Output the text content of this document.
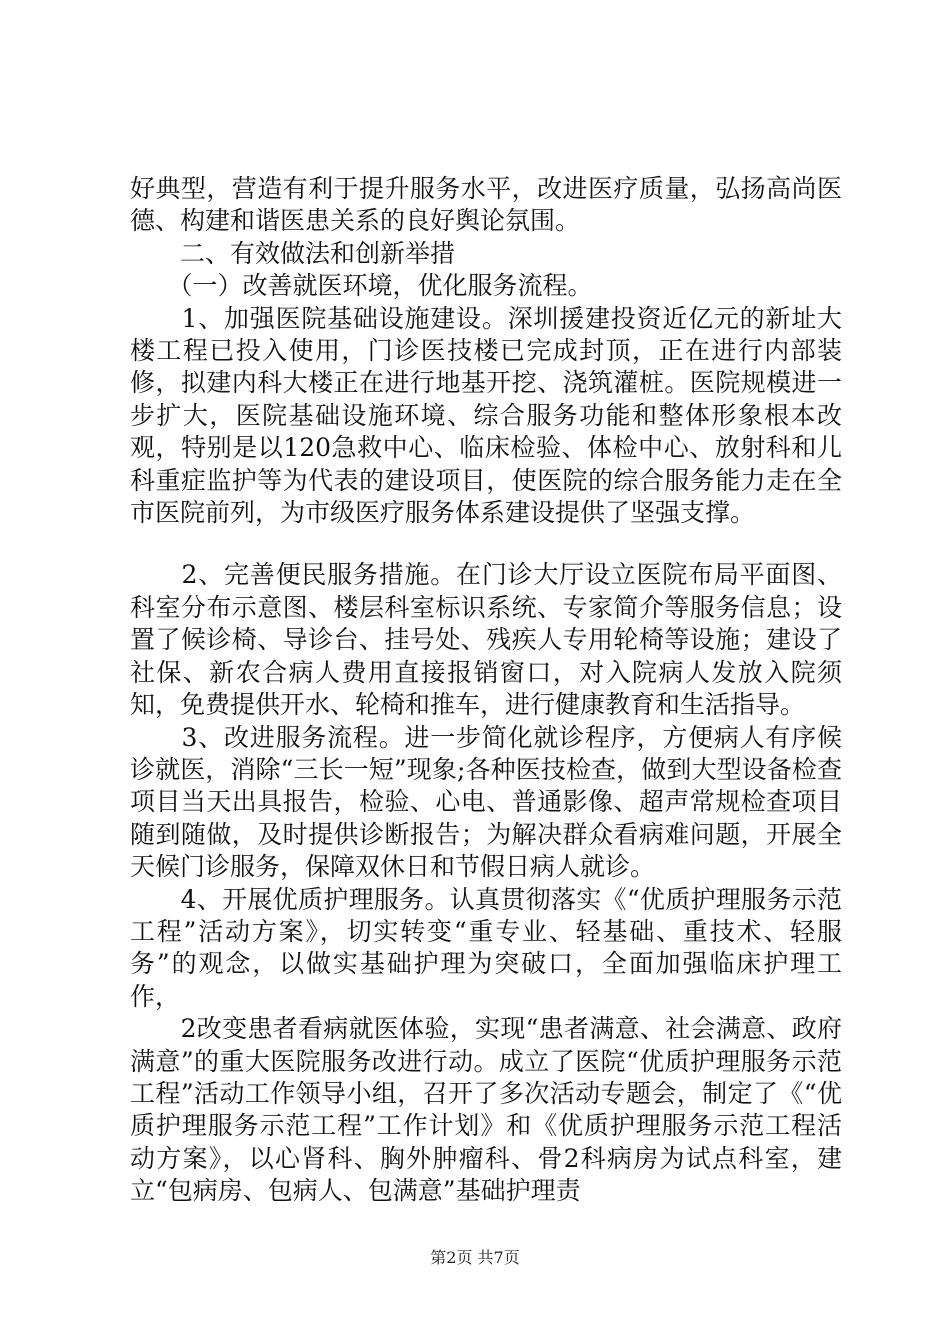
好典型，营造有利于提升服务水平，改进医疗质量，弘扬高尚医德、构建和谐医患关系的良好舆论氛围。

　　二、有效做法和创新举措

　　（一）改善就医环境，优化服务流程。

　　1、加强医院基础设施建设。深圳援建投资近亿元的新址大楼工程已投入使用，门诊医技楼已完成封顶，正在进行内部装修，拟建内科大楼正在进行地基开挖、浇筑灌桩。医院规模进一步扩大，医院基础设施环境、综合服务功能和整体形象根本改观，特别是以120急救中心、临床检验、体检中心、放射科和儿科重症监护等为代表的建设项目，使医院的综合服务能力走在全市医院前列，为市级医疗服务体系建设提供了坚强支撑。

　　2、完善便民服务措施。在门诊大厅设立医院布局平面图、科室分布示意图、楼层科室标识系统、专家简介等服务信息；设置了候诊椅、导诊台、挂号处、残疾人专用轮椅等设施；建设了社保、新农合病人费用直接报销窗口，对入院病人发放入院须知，免费提供开水、轮椅和推车，进行健康教育和生活指导。

　　3、改进服务流程。进一步简化就诊程序，方便病人有序候诊就医，消除“三长一短”现象;各种医技检查，做到大型设备检查项目当天出具报告，检验、心电、普通影像、超声常规检查项目随到随做，及时提供诊断报告；为解决群众看病难问题，开展全天候门诊服务，保障双休日和节假日病人就诊。

　　4、开展优质护理服务。认真贯彻落实《“优质护理服务示范工程”活动方案》，切实转变“重专业、轻基础、重技术、轻服务”的观念，以做实基础护理为突破口，全面加强临床护理工作，

　　2改变患者看病就医体验，实现“患者满意、社会满意、政府满意”的重大医院服务改进行动。成立了医院“优质护理服务示范工程”活动工作领导小组，召开了多次活动专题会，制定了《“优质护理服务示范工程”工作计划》和《优质护理服务示范工程活动方案》，以心肾科、胸外肿瘤科、骨2科病房为试点科室，建立“包病房、包病人、包满意”基础护理责

第2页 共7页
